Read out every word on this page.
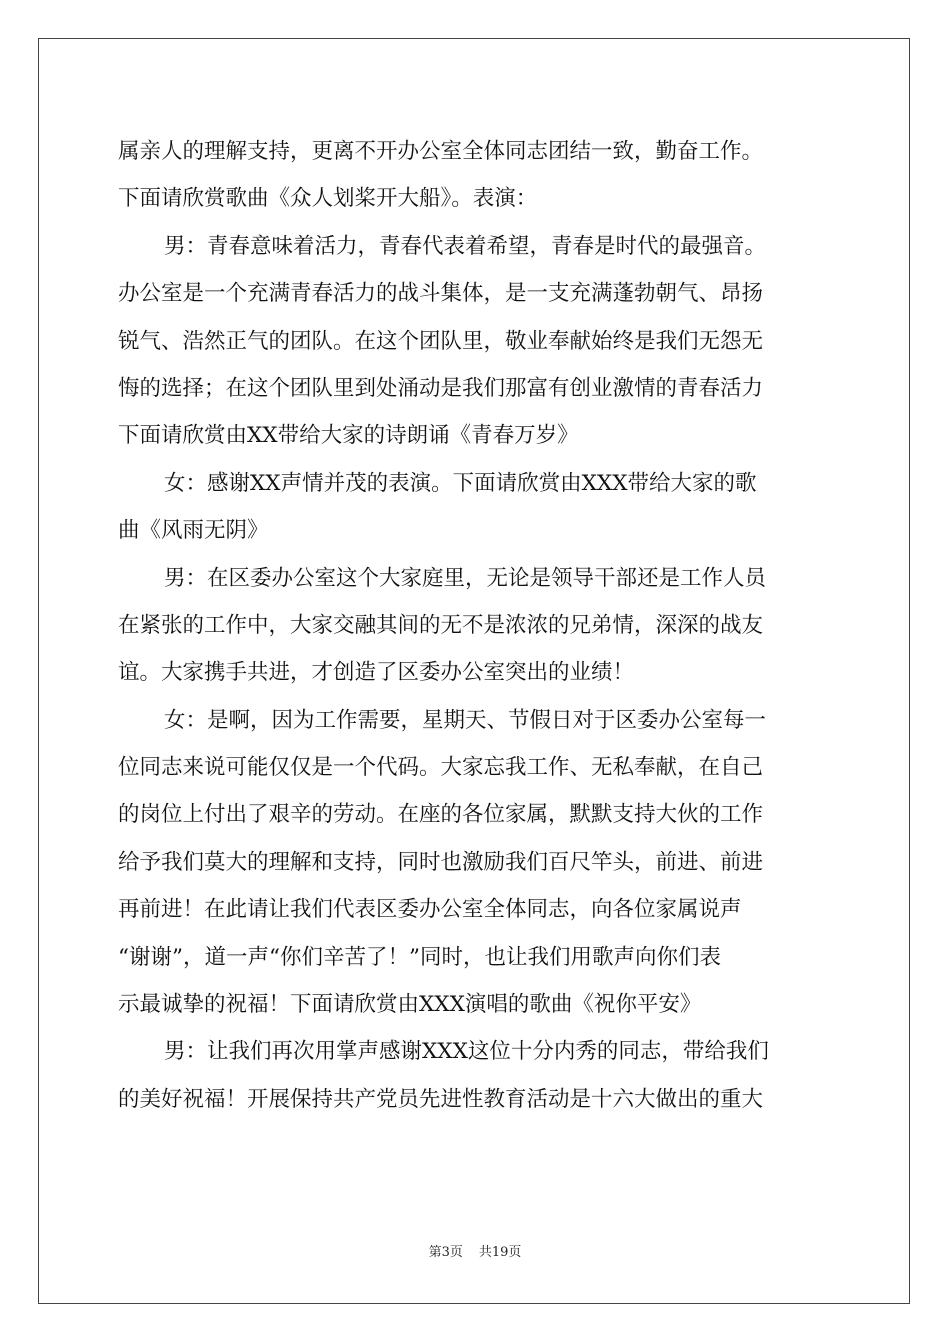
属亲人的理解支持，更离不开办公室全体同志团结一致，勤奋工作。
下面请欣赏歌曲《众人划桨开大船》。表演：
男：青春意味着活力，青春代表着希望，青春是时代的最强音。
办公室是一个充满青春活力的战斗集体，是一支充满蓬勃朝气、昂扬
锐气、浩然正气的团队。在这个团队里，敬业奉献始终是我们无怨无
悔的选择；在这个团队里到处涌动是我们那富有创业激情的青春活力
下面请欣赏由XX带给大家的诗朗诵《青春万岁》
女：感谢XX声情并茂的表演。下面请欣赏由XXX带给大家的歌
曲《风雨无阴》
男：在区委办公室这个大家庭里，无论是领导干部还是工作人员
在紧张的工作中，大家交融其间的无不是浓浓的兄弟情，深深的战友
谊。大家携手共进，才创造了区委办公室突出的业绩！
女：是啊，因为工作需要，星期天、节假日对于区委办公室每一
位同志来说可能仅仅是一个代码。大家忘我工作、无私奉献，在自己
的岗位上付出了艰辛的劳动。在座的各位家属，默默支持大伙的工作
给予我们莫大的理解和支持，同时也激励我们百尺竿头，前进、前进
再前进！在此请让我们代表区委办公室全体同志，向各位家属说声
“谢谢”，道一声“你们辛苦了！”同时，也让我们用歌声向你们表
示最诚挚的祝福！下面请欣赏由XXX演唱的歌曲《祝你平安》
男：让我们再次用掌声感谢XXX这位十分内秀的同志，带给我们
的美好祝福！开展保持共产党员先进性教育活动是十六大做出的重大
第3页 共19页
